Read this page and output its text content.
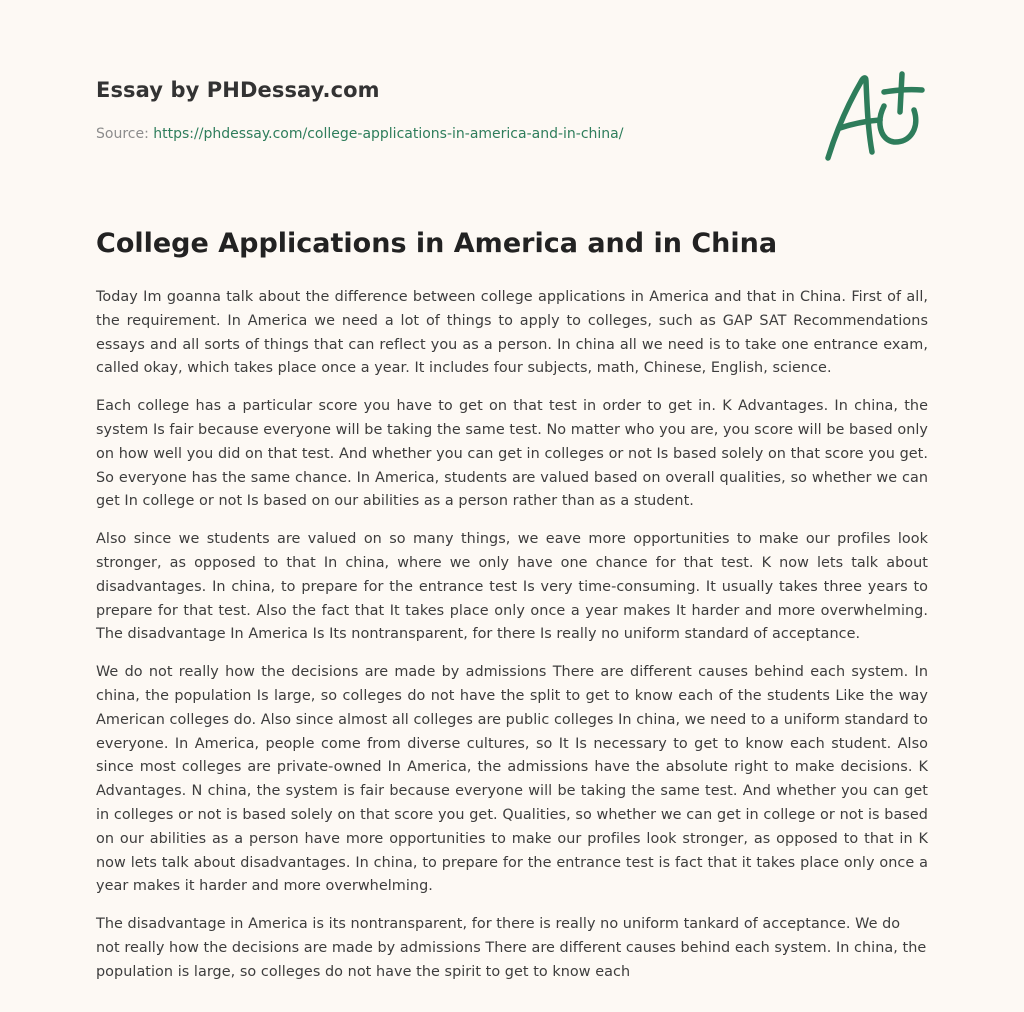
Essay by PHDessay.com
Source: https://phdessay.com/college-applications-in-america-and-in-china/
College Applications in America and in China

Today Im goanna talk about the difference between college applications in America and that in China. First of all, the requirement. In America we need a lot of things to apply to colleges, such as GAP SAT Recommendations essays and all sorts of things that can reflect you as a person. In china all we need is to take one entrance exam, called okay, which takes place once a year. It includes four subjects, math, Chinese, English, science.

Each college has a particular score you have to get on that test in order to get in. K Advantages. In china, the system Is fair because everyone will be taking the same test. No matter who you are, you score will be based only on how well you did on that test. And whether you can get in colleges or not Is based solely on that score you get. So everyone has the same chance. In America, students are valued based on overall qualities, so whether we can get In college or not Is based on our abilities as a person rather than as a student.

Also since we students are valued on so many things, we eave more opportunities to make our profiles look stronger, as opposed to that In china, where we only have one chance for that test. K now lets talk about disadvantages. In china, to prepare for the entrance test Is very time-consuming. It usually takes three years to prepare for that test. Also the fact that It takes place only once a year makes It harder and more overwhelming. The disadvantage In America Is Its nontransparent, for there Is really no uniform standard of acceptance.

We do not really how the decisions are made by admissions There are different causes behind each system. In china, the population Is large, so colleges do not have the split to get to know each of the students Like the way American colleges do. Also since almost all colleges are public colleges In china, we need to a uniform standard to everyone. In America, people come from diverse cultures, so It Is necessary to get to know each student. Also since most colleges are private-owned In America, the admissions have the absolute right to make decisions. K Advantages. N china, the system is fair because everyone will be taking the same test. And whether you can get in colleges or not is based solely on that score you get. Qualities, so whether we can get in college or not is based on our abilities as a person have more opportunities to make our profiles look stronger, as opposed to that in K now lets talk about disadvantages. In china, to prepare for the entrance test is fact that it takes place only once a year makes it harder and more overwhelming.

The disadvantage in America is its nontransparent, for there is really no uniform tankard of acceptance. We do not really how the decisions are made by admissions There are different causes behind each system. In china, the population is large, so colleges do not have the spirit to get to know each
